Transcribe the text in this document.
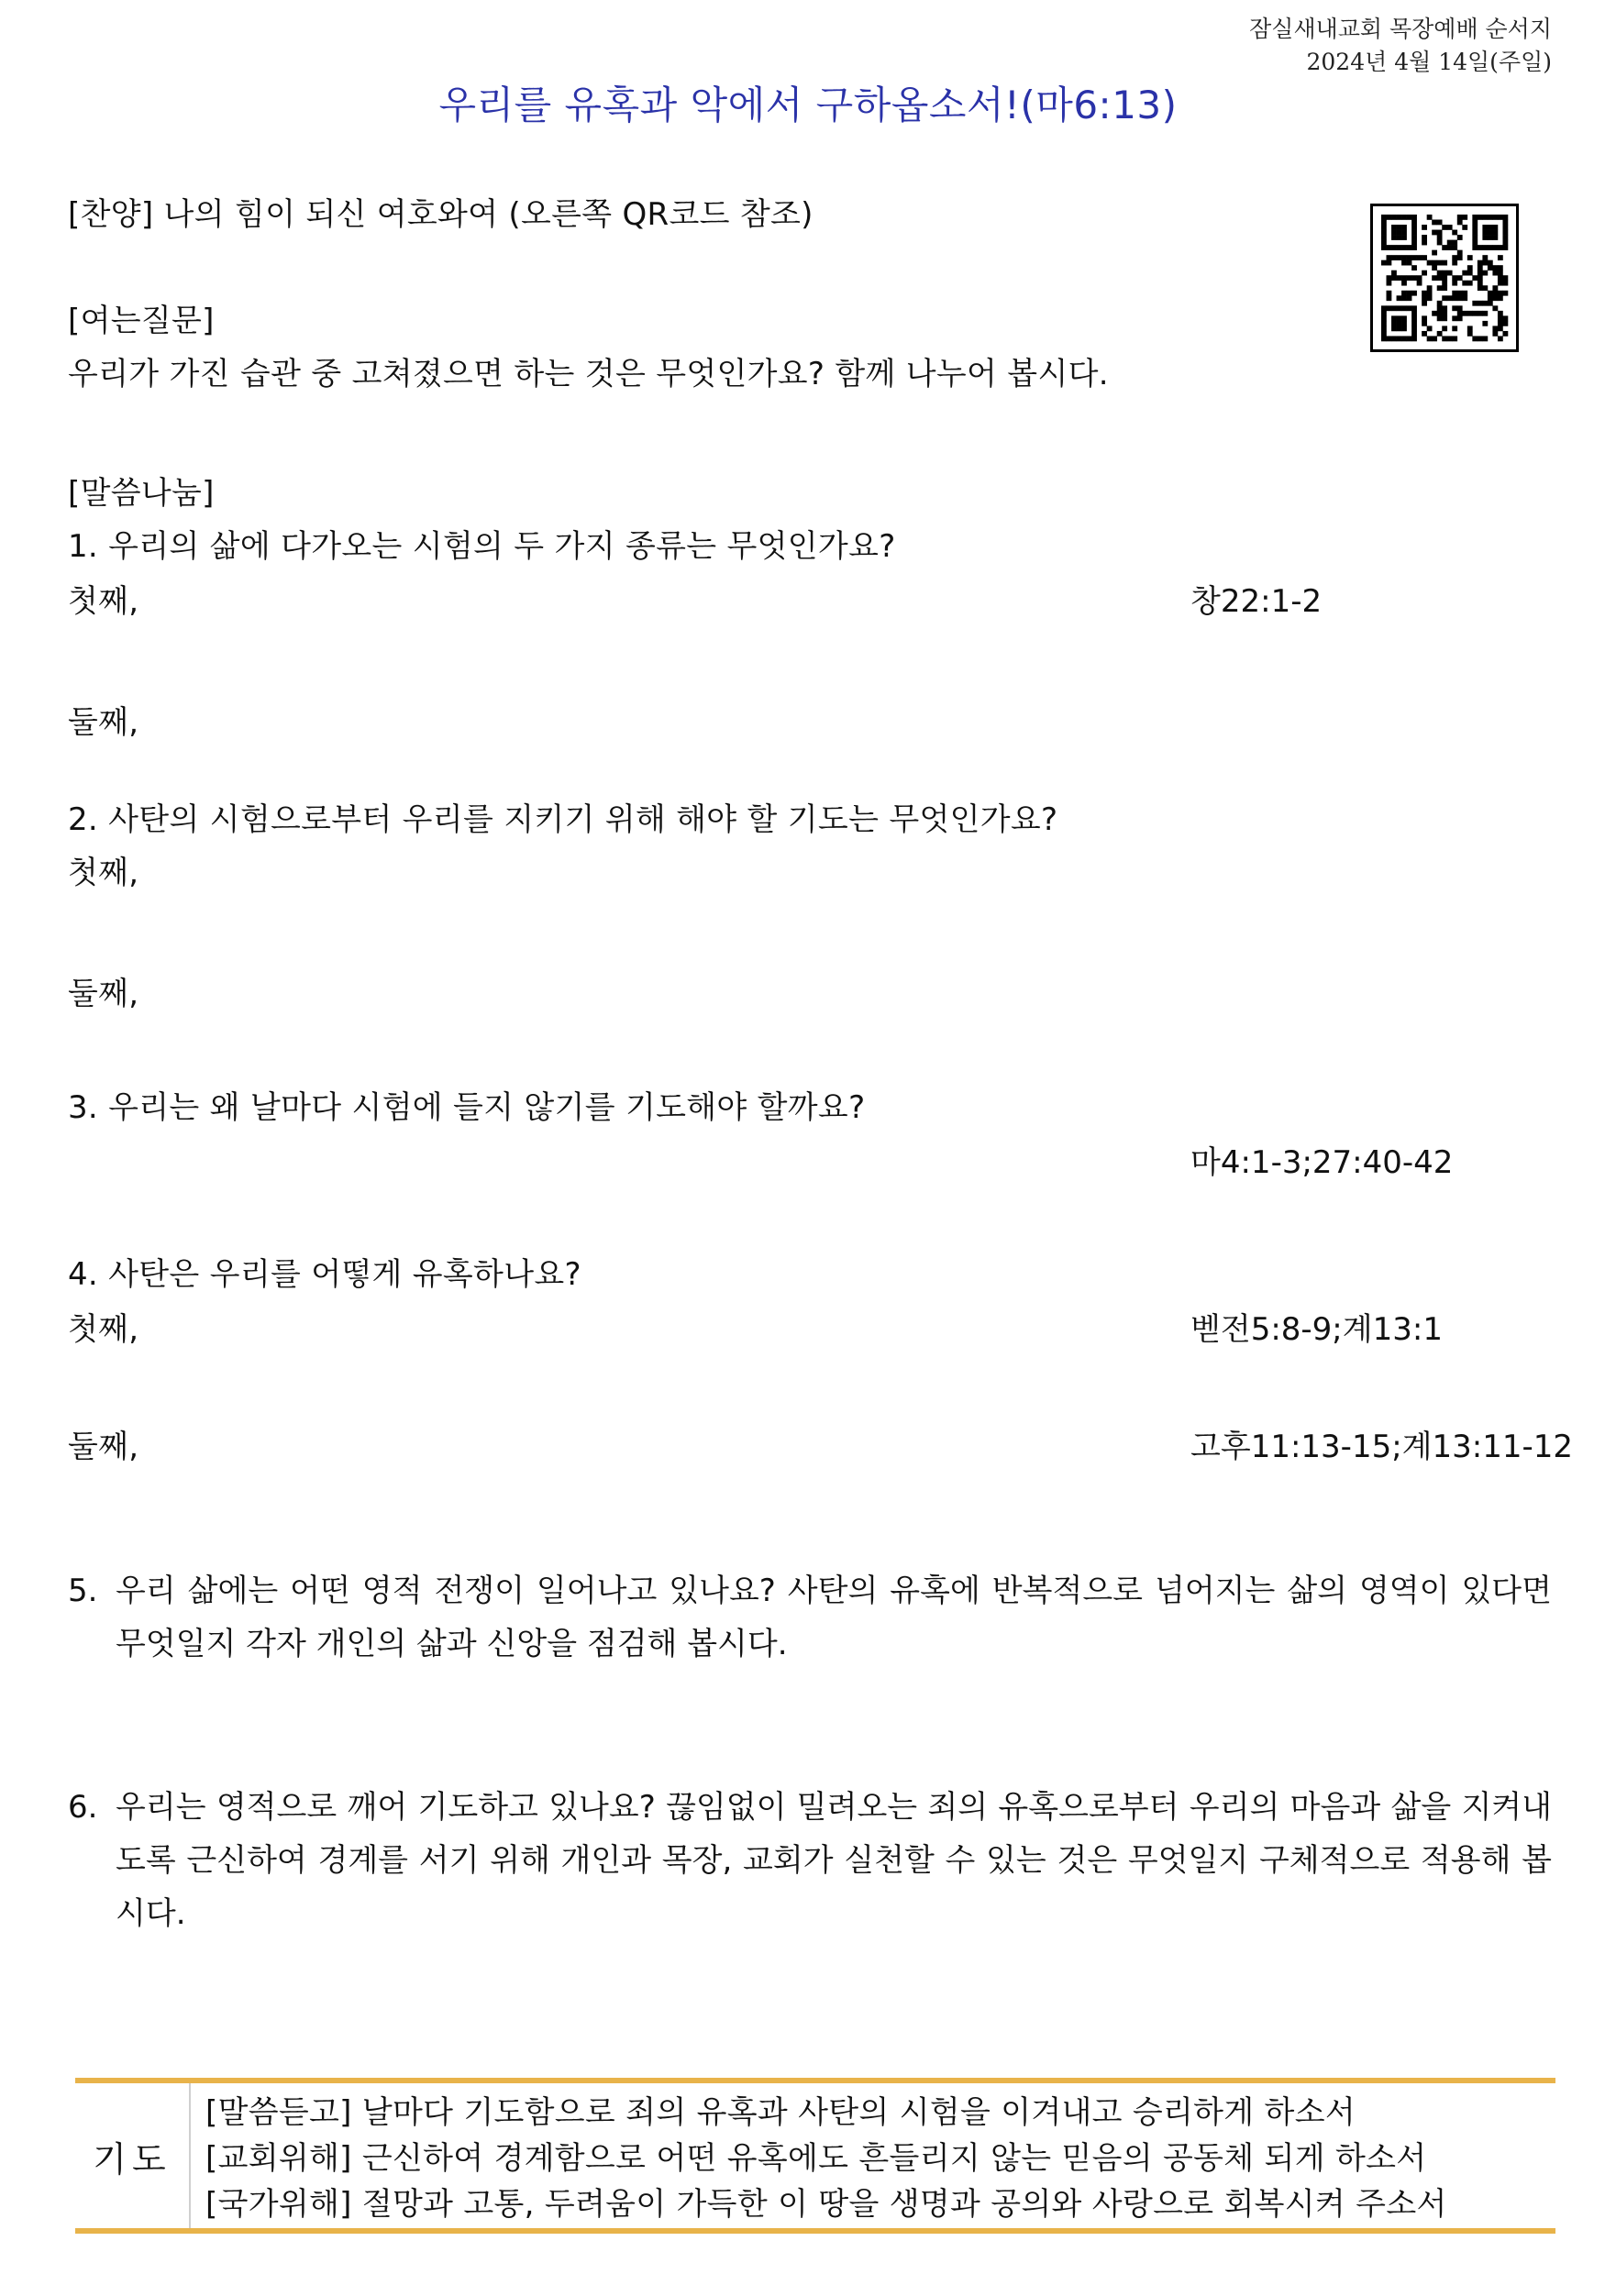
잠실새내교회 목장예배 순서지
2024년 4월 14일(주일)
우리를 유혹과 악에서 구하옵소서!(마6:13)
[찬양] 나의 힘이 되신 여호와여 (오른쪽 QR코드 참조)
[여는질문]
우리가 가진 습관 중 고쳐졌으면 하는 것은 무엇인가요? 함께 나누어 봅시다.
[말씀나눔]
1. 우리의 삶에 다가오는 시험의 두 가지 종류는 무엇인가요?
첫째,	창22:1-2
둘째,
2. 사탄의 시험으로부터 우리를 지키기 위해 해야 할 기도는 무엇인가요?
첫째,
둘째,
3. 우리는 왜 날마다 시험에 들지 않기를 기도해야 할까요?
마4:1-3;27:40-42
4. 사탄은 우리를 어떻게 유혹하나요?
첫째,	벧전5:8-9;계13:1
둘째,	고후11:13-15;계13:11-12
5. 우리 삶에는 어떤 영적 전쟁이 일어나고 있나요? 사탄의 유혹에 반복적으로 넘어지는 삶의 영역이 있다면 무엇일지 각자 개인의 삶과 신앙을 점검해 봅시다.
6. 우리는 영적으로 깨어 기도하고 있나요? 끊임없이 밀려오는 죄의 유혹으로부터 우리의 마음과 삶을 지켜내도록 근신하여 경계를 서기 위해 개인과 목장, 교회가 실천할 수 있는 것은 무엇일지 구체적으로 적용해 봅시다.
기도
[말씀듣고] 날마다 기도함으로 죄의 유혹과 사탄의 시험을 이겨내고 승리하게 하소서
[교회위해] 근신하여 경계함으로 어떤 유혹에도 흔들리지 않는 믿음의 공동체 되게 하소서
[국가위해] 절망과 고통, 두려움이 가득한 이 땅을 생명과 공의와 사랑으로 회복시켜 주소서
